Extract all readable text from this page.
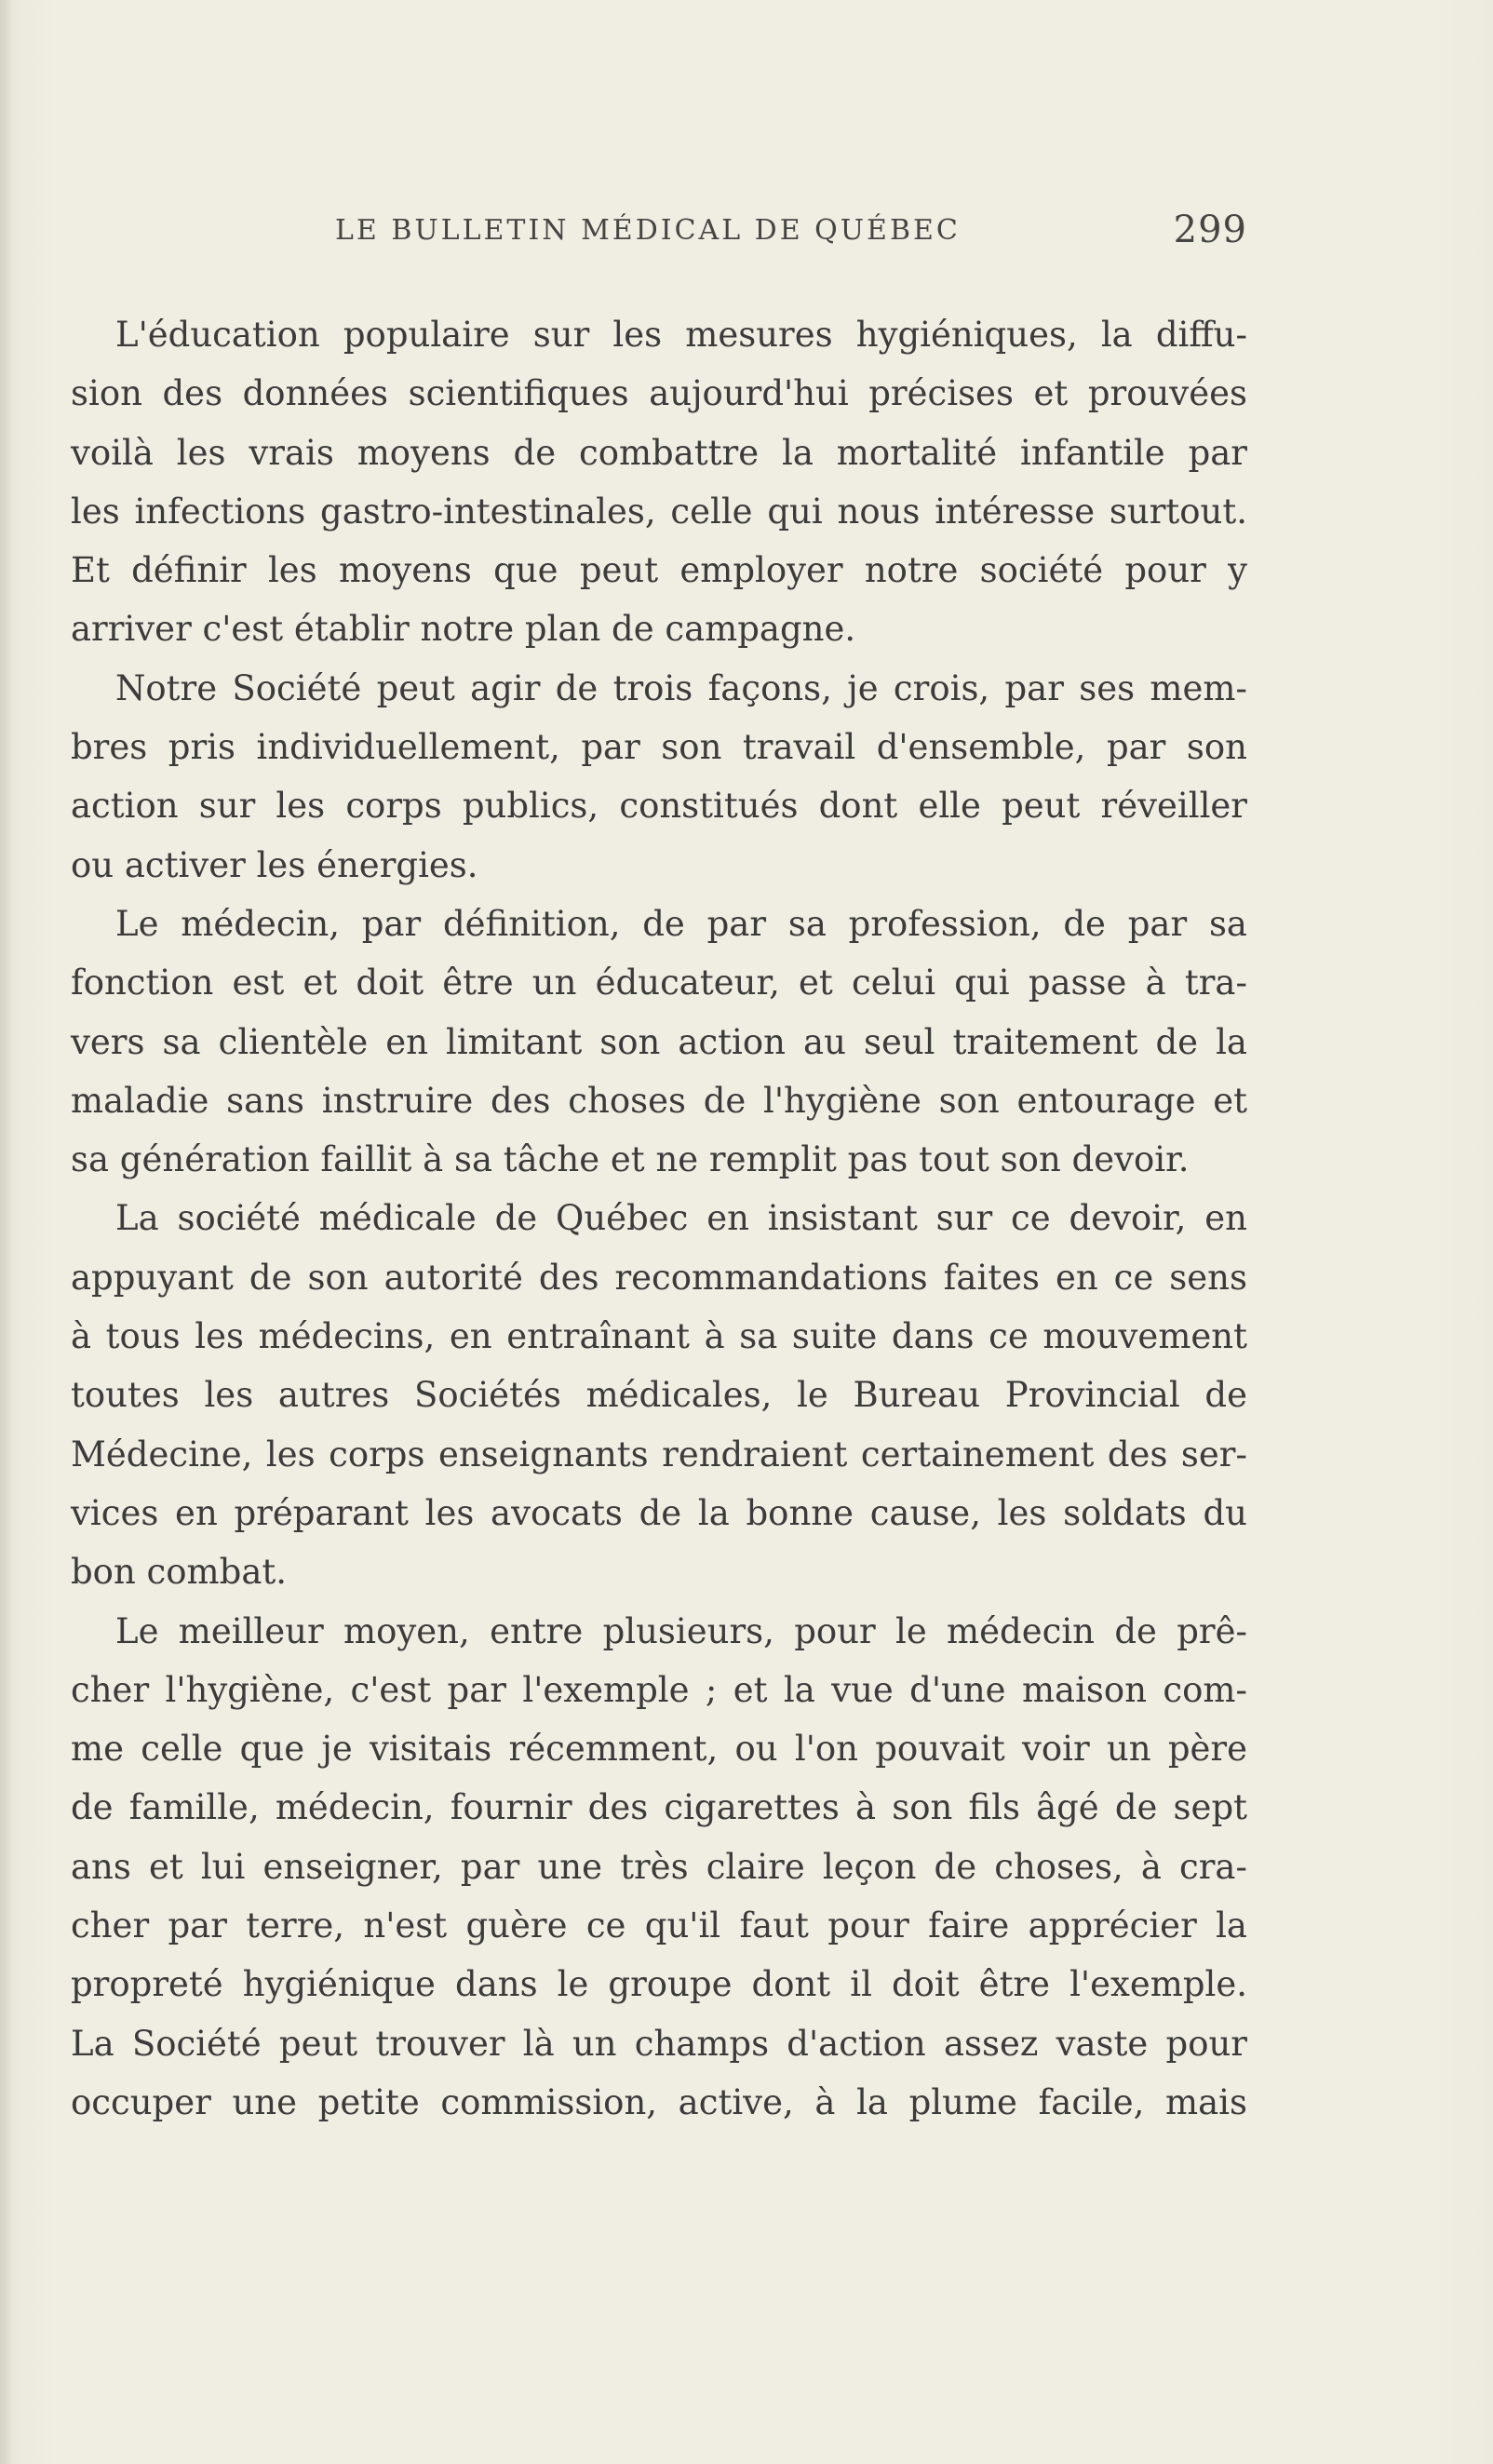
LE BULLETIN MÉDICAL DE QUÉBEC	299
L'éducation populaire sur les mesures hygiéniques, la diffu-
sion des données scientifiques aujourd'hui précises et prouvées
voilà les vrais moyens de combattre la mortalité infantile par
les infections gastro-intestinales, celle qui nous intéresse surtout.
Et définir les moyens que peut employer notre société pour y
arriver c'est établir notre plan de campagne.
Notre Société peut agir de trois façons, je crois, par ses mem-
bres pris individuellement, par son travail d'ensemble, par son
action sur les corps publics, constitués dont elle peut réveiller
ou activer les énergies.
Le médecin, par définition, de par sa profession, de par sa
fonction est et doit être un éducateur, et celui qui passe à tra-
vers sa clientèle en limitant son action au seul traitement de la
maladie sans instruire des choses de l'hygiène son entourage et
sa génération faillit à sa tâche et ne remplit pas tout son devoir.
La société médicale de Québec en insistant sur ce devoir, en
appuyant de son autorité des recommandations faites en ce sens
à tous les médecins, en entraînant à sa suite dans ce mouvement
toutes les autres Sociétés médicales, le Bureau Provincial de
Médecine, les corps enseignants rendraient certainement des ser-
vices en préparant les avocats de la bonne cause, les soldats du
bon combat.
Le meilleur moyen, entre plusieurs, pour le médecin de prê-
cher l'hygiène, c'est par l'exemple ; et la vue d'une maison com-
me celle que je visitais récemment, ou l'on pouvait voir un père
de famille, médecin, fournir des cigarettes à son fils âgé de sept
ans et lui enseigner, par une très claire leçon de choses, à cra-
cher par terre, n'est guère ce qu'il faut pour faire apprécier la
propreté hygiénique dans le groupe dont il doit être l'exemple.
La Société peut trouver là un champs d'action assez vaste pour
occuper une petite commission, active, à la plume facile, mais
